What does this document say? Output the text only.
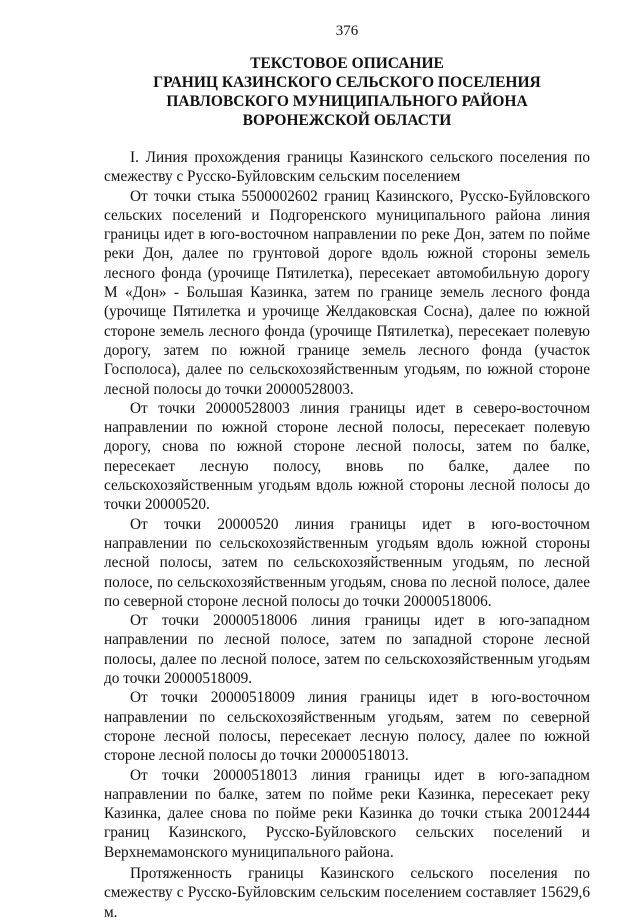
376
ТЕКСТОВОЕ ОПИСАНИЕ
ГРАНИЦ КАЗИНСКОГО СЕЛЬСКОГО ПОСЕЛЕНИЯ
ПАВЛОВСКОГО МУНИЦИПАЛЬНОГО РАЙОНА
ВОРОНЕЖСКОЙ ОБЛАСТИ

I. Линия прохождения границы Казинского сельского поселения по смежеству с Русско-Буйловским сельским поселением

От точки стыка 5500002602 границ Казинского, Русско-Буйловского сельских поселений и Подгоренского муниципального района линия границы идет в юго-восточном направлении по реке Дон, затем по пойме реки Дон, далее по грунтовой дороге вдоль южной стороны земель лесного фонда (урочище Пятилетка), пересекает автомобильную дорогу М «Дон» - Большая Казинка, затем по границе земель лесного фонда (урочище Пятилетка и урочище Желдаковская Сосна), далее по южной стороне земель лесного фонда (урочище Пятилетка), пересекает полевую дорогу, затем по южной границе земель лесного фонда (участок Госполоса), далее по сельскохозяйственным угодьям, по южной стороне лесной полосы до точки 20000528003.

От точки 20000528003 линия границы идет в северо-восточном направлении по южной стороне лесной полосы, пересекает полевую дорогу, снова по южной стороне лесной полосы, затем по балке, пересекает лесную полосу, вновь по балке, далее по сельскохозяйственным угодьям вдоль южной стороны лесной полосы до точки 20000520.

От точки 20000520 линия границы идет в юго-восточном направлении по сельскохозяйственным угодьям вдоль южной стороны лесной полосы, затем по сельскохозяйственным угодьям, по лесной полосе, по сельскохозяйственным угодьям, снова по лесной полосе, далее по северной стороне лесной полосы до точки 20000518006.

От точки 20000518006 линия границы идет в юго-западном направлении по лесной полосе, затем по западной стороне лесной полосы, далее по лесной полосе, затем по сельскохозяйственным угодьям до точки 20000518009.

От точки 20000518009 линия границы идет в юго-восточном направлении по сельскохозяйственным угодьям, затем по северной стороне лесной полосы, пересекает лесную полосу, далее по южной стороне лесной полосы до точки 20000518013.

От точки 20000518013 линия границы идет в юго-западном направлении по балке, затем по пойме реки Казинка, пересекает реку Казинка, далее снова по пойме реки Казинка до точки стыка 20012444 границ Казинского, Русско-Буйловского сельских поселений и Верхнемамонского муниципального района.

Протяженность границы Казинского сельского поселения по смежеству с Русско-Буйловским сельским поселением составляет 15629,6 м.
